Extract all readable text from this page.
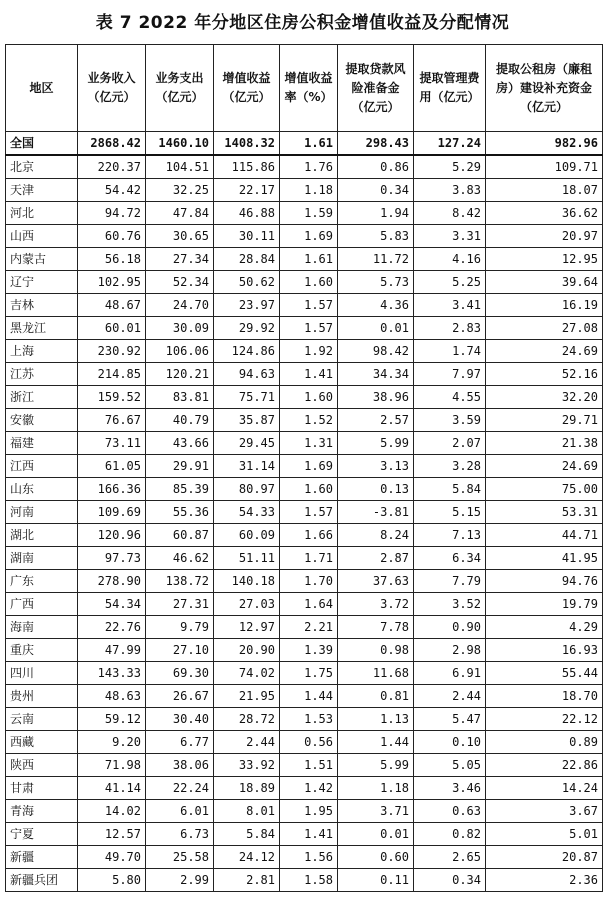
表 7 2022 年分地区住房公积金增值收益及分配情况
地区	业务收入（亿元）	业务支出（亿元）	增值收益（亿元）	增值收益率（%）	提取贷款风险准备金（亿元）	提取管理费用（亿元）	提取公租房（廉租房）建设补充资金（亿元）
全国	2868.42	1460.10	1408.32	1.61	298.43	127.24	982.96
北京	220.37	104.51	115.86	1.76	0.86	5.29	109.71
天津	54.42	32.25	22.17	1.18	0.34	3.83	18.07
河北	94.72	47.84	46.88	1.59	1.94	8.42	36.62
山西	60.76	30.65	30.11	1.69	5.83	3.31	20.97
内蒙古	56.18	27.34	28.84	1.61	11.72	4.16	12.95
辽宁	102.95	52.34	50.62	1.60	5.73	5.25	39.64
吉林	48.67	24.70	23.97	1.57	4.36	3.41	16.19
黑龙江	60.01	30.09	29.92	1.57	0.01	2.83	27.08
上海	230.92	106.06	124.86	1.92	98.42	1.74	24.69
江苏	214.85	120.21	94.63	1.41	34.34	7.97	52.16
浙江	159.52	83.81	75.71	1.60	38.96	4.55	32.20
安徽	76.67	40.79	35.87	1.52	2.57	3.59	29.71
福建	73.11	43.66	29.45	1.31	5.99	2.07	21.38
江西	61.05	29.91	31.14	1.69	3.13	3.28	24.69
山东	166.36	85.39	80.97	1.60	0.13	5.84	75.00
河南	109.69	55.36	54.33	1.57	-3.81	5.15	53.31
湖北	120.96	60.87	60.09	1.66	8.24	7.13	44.71
湖南	97.73	46.62	51.11	1.71	2.87	6.34	41.95
广东	278.90	138.72	140.18	1.70	37.63	7.79	94.76
广西	54.34	27.31	27.03	1.64	3.72	3.52	19.79
海南	22.76	9.79	12.97	2.21	7.78	0.90	4.29
重庆	47.99	27.10	20.90	1.39	0.98	2.98	16.93
四川	143.33	69.30	74.02	1.75	11.68	6.91	55.44
贵州	48.63	26.67	21.95	1.44	0.81	2.44	18.70
云南	59.12	30.40	28.72	1.53	1.13	5.47	22.12
西藏	9.20	6.77	2.44	0.56	1.44	0.10	0.89
陕西	71.98	38.06	33.92	1.51	5.99	5.05	22.86
甘肃	41.14	22.24	18.89	1.42	1.18	3.46	14.24
青海	14.02	6.01	8.01	1.95	3.71	0.63	3.67
宁夏	12.57	6.73	5.84	1.41	0.01	0.82	5.01
新疆	49.70	25.58	24.12	1.56	0.60	2.65	20.87
新疆兵团	5.80	2.99	2.81	1.58	0.11	0.34	2.36
